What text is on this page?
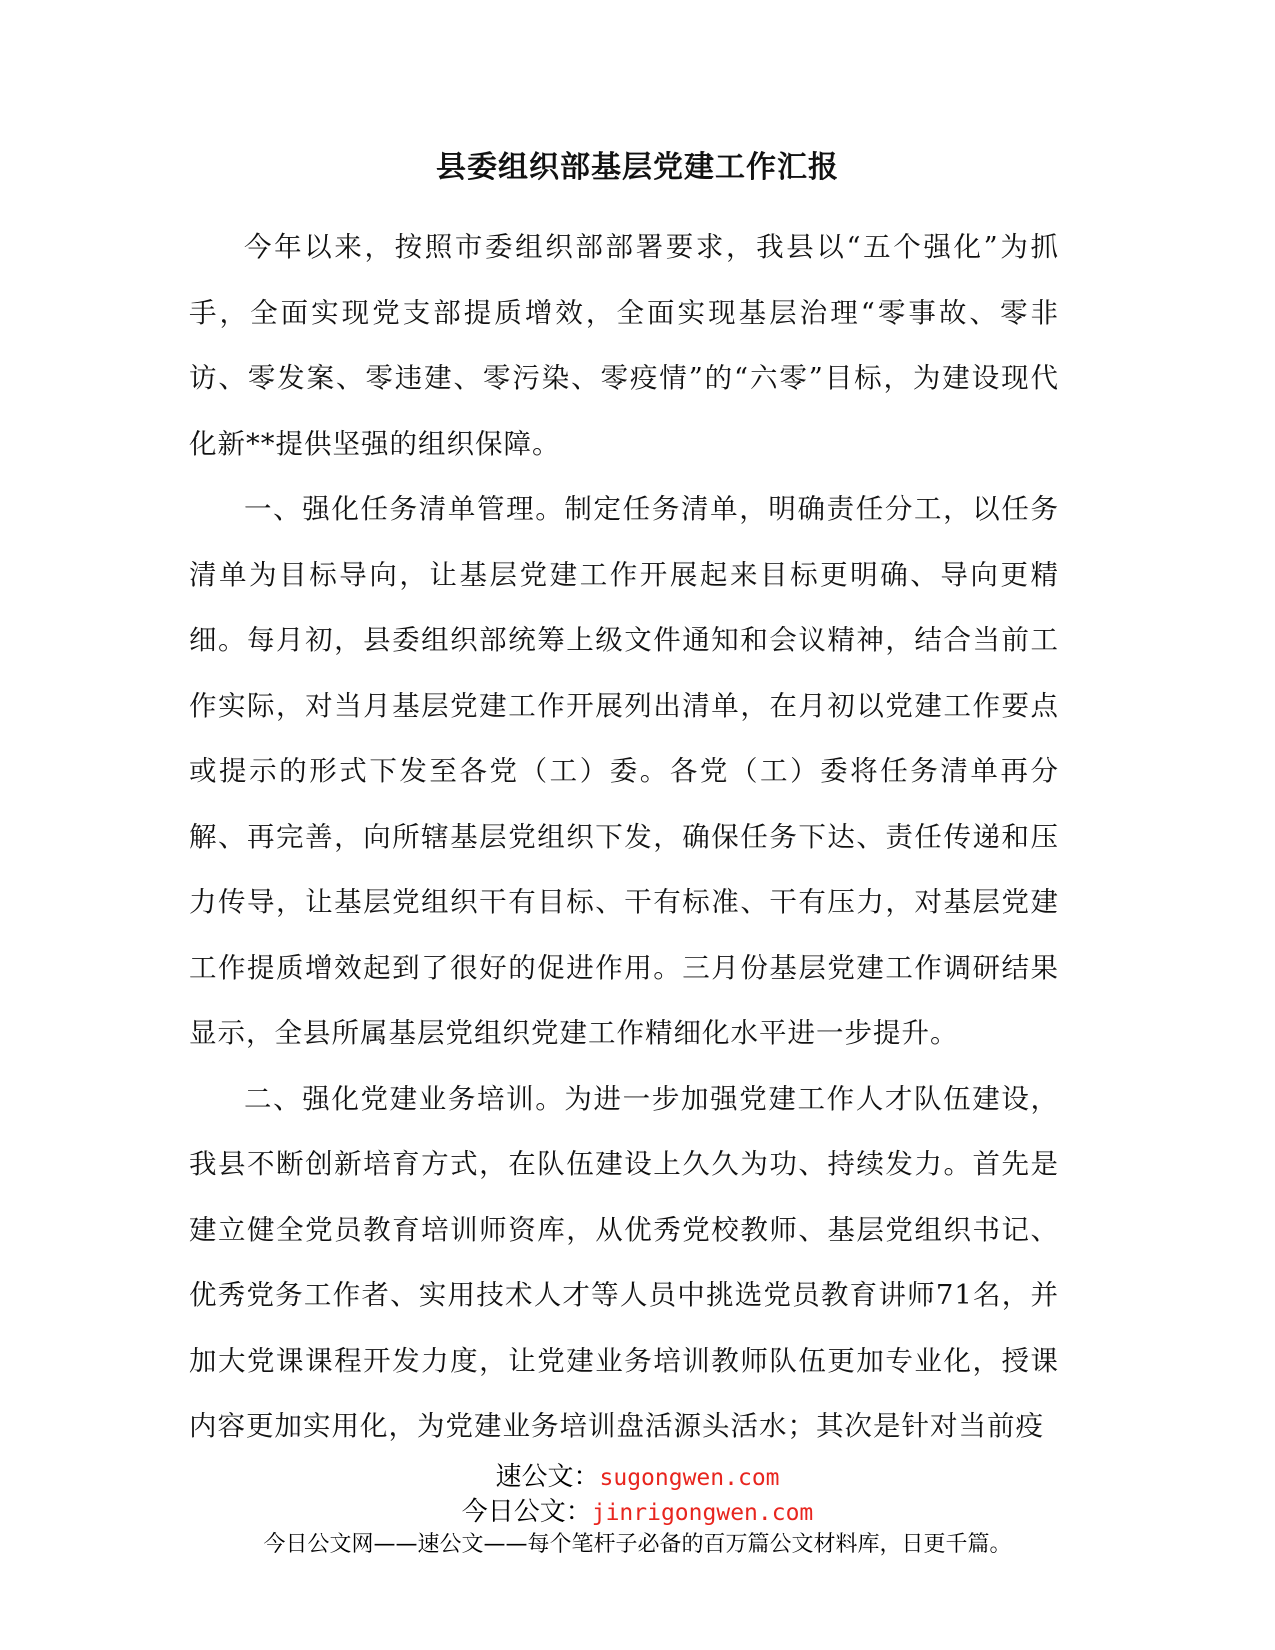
县委组织部基层党建工作汇报

今年以来，按照市委组织部部署要求，我县以“五个强化”为抓手，全面实现党支部提质增效，全面实现基层治理“零事故、零非访、零发案、零违建、零污染、零疫情”的“六零”目标，为建设现代化新**提供坚强的组织保障。

一、强化任务清单管理。制定任务清单，明确责任分工，以任务清单为目标导向，让基层党建工作开展起来目标更明确、导向更精细。每月初，县委组织部统筹上级文件通知和会议精神，结合当前工作实际，对当月基层党建工作开展列出清单，在月初以党建工作要点或提示的形式下发至各党（工）委。各党（工）委将任务清单再分解、再完善，向所辖基层党组织下发，确保任务下达、责任传递和压力传导，让基层党组织干有目标、干有标准、干有压力，对基层党建工作提质增效起到了很好的促进作用。三月份基层党建工作调研结果显示，全县所属基层党组织党建工作精细化水平进一步提升。

二、强化党建业务培训。为进一步加强党建工作人才队伍建设，我县不断创新培育方式，在队伍建设上久久为功、持续发力。首先是建立健全党员教育培训师资库，从优秀党校教师、基层党组织书记、优秀党务工作者、实用技术人才等人员中挑选党员教育讲师71名，并加大党课课程开发力度，让党建业务培训教师队伍更加专业化，授课内容更加实用化，为党建业务培训盘活源头活水；其次是针对当前疫

速公文：sugongwen.com
今日公文：jinrigongwen.com
今日公文网——速公文——每个笔杆子必备的百万篇公文材料库，日更千篇。
